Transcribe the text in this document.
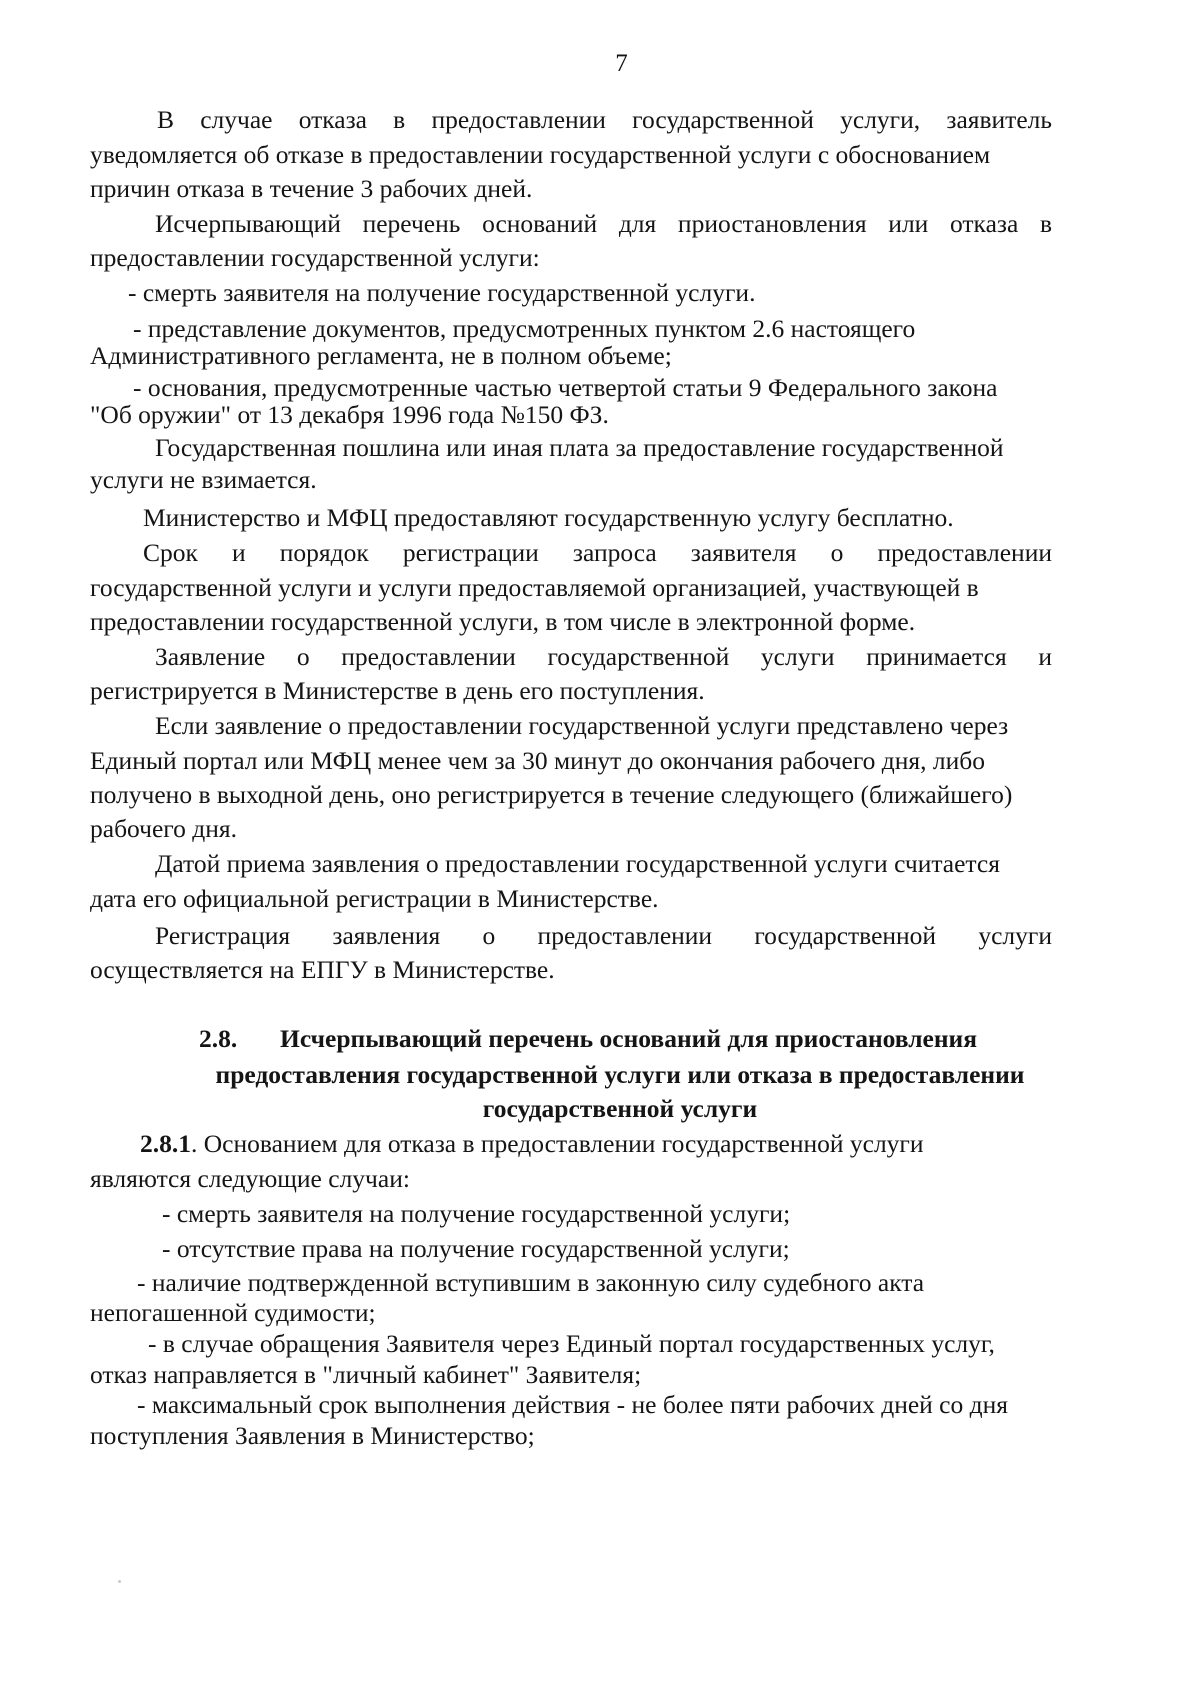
7
В случае отказа в предоставлении государственной услуги, заявитель
уведомляется об отказе в предоставлении государственной услуги с обоснованием
причин отказа в течение 3 рабочих дней.
Исчерпывающий перечень оснований для приостановления или отказа в
предоставлении государственной услуги:
- смерть заявителя на получение государственной услуги.
- представление документов, предусмотренных пунктом 2.6 настоящего
Административного регламента, не в полном объеме;
- основания, предусмотренные частью четвертой статьи 9 Федерального закона
"Об оружии" от 13 декабря 1996 года №150 ФЗ.
Государственная пошлина или иная плата за предоставление государственной
услуги не взимается.
Министерство и МФЦ предоставляют государственную услугу бесплатно.
Срок и порядок регистрации запроса заявителя о предоставлении
государственной услуги и услуги предоставляемой организацией, участвующей в
предоставлении государственной услуги, в том числе в электронной форме.
Заявление о предоставлении государственной услуги принимается и
регистрируется в Министерстве в день его поступления.
Если заявление о предоставлении государственной услуги представлено через
Единый портал или МФЦ менее чем за 30 минут до окончания рабочего дня, либо
получено в выходной день, оно регистрируется в течение следующего (ближайшего)
рабочего дня.
Датой приема заявления о предоставлении государственной услуги считается
дата его официальной регистрации в Министерстве.
Регистрация заявления о предоставлении государственной услуги
осуществляется на ЕПГУ в Министерстве.
2.8. Исчерпывающий перечень оснований для приостановления
предоставления государственной услуги или отказа в предоставлении
государственной услуги
2.8.1. Основанием для отказа в предоставлении государственной услуги
являются следующие случаи:
- смерть заявителя на получение государственной услуги;
- отсутствие права на получение государственной услуги;
- наличие подтвержденной вступившим в законную силу судебного акта
непогашенной судимости;
- в случае обращения Заявителя через Единый портал государственных услуг,
отказ направляется в "личный кабинет" Заявителя;
- максимальный срок выполнения действия - не более пяти рабочих дней со дня
поступления Заявления в Министерство;
